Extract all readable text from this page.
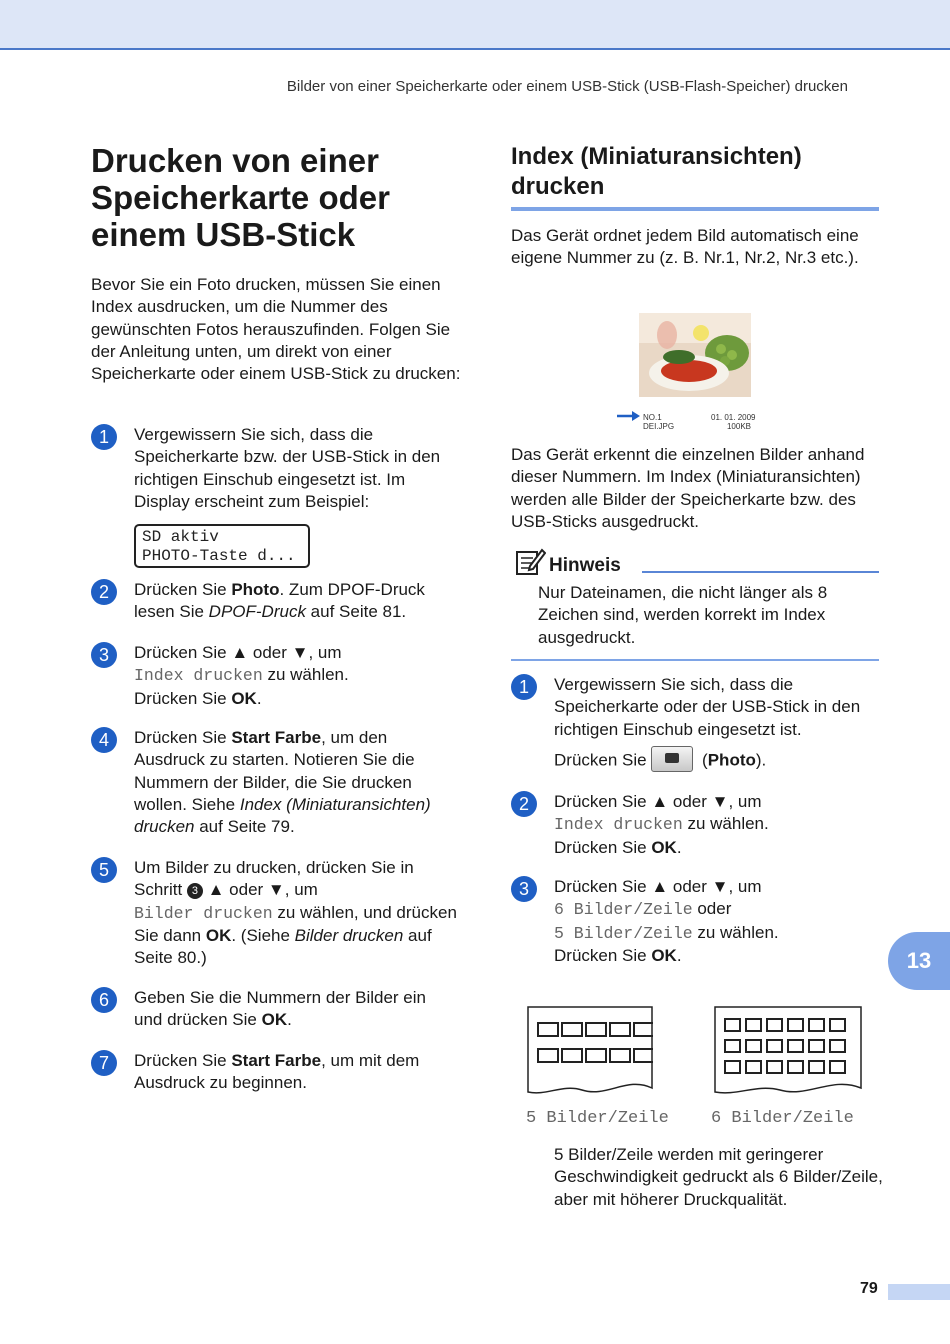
Bilder von einer Speicherkarte oder einem USB-Stick (USB-Flash-Speicher) drucken
Drucken von einer Speicherkarte oder einem USB-Stick
Bevor Sie ein Foto drucken, müssen Sie einen Index ausdrucken, um die Nummer des gewünschten Fotos herauszufinden. Folgen Sie der Anleitung unten, um direkt von einer Speicherkarte oder einem USB-Stick zu drucken:
1	Vergewissern Sie sich, dass die Speicherkarte bzw. der USB-Stick in den richtigen Einschub eingesetzt ist. Im Display erscheint zum Beispiel:
SD aktiv
PHOTO-Taste d...
2	Drücken Sie Photo. Zum DPOF-Druck lesen Sie DPOF-Druck auf Seite 81.
3	Drücken Sie ▲ oder ▼, um
Index drucken zu wählen.
Drücken Sie OK.
4	Drücken Sie Start Farbe, um den Ausdruck zu starten. Notieren Sie die Nummern der Bilder, die Sie drucken wollen. Siehe Index (Miniaturansichten) drucken auf Seite 79.
5	Um Bilder zu drucken, drücken Sie in Schritt 3 ▲ oder ▼, um
Bilder drucken zu wählen, und drücken Sie dann OK. (Siehe Bilder drucken auf Seite 80.)
6	Geben Sie die Nummern der Bilder ein und drücken Sie OK.
7	Drücken Sie Start Farbe, um mit dem Ausdruck zu beginnen.
Index (Miniaturansichten) drucken
Das Gerät ordnet jedem Bild automatisch eine eigene Nummer zu (z. B. Nr.1, Nr.2, Nr.3 etc.).
NO.1
DEI.JPG
01. 01. 2009
100KB
Das Gerät erkennt die einzelnen Bilder anhand dieser Nummern. Im Index (Miniaturansichten) werden alle Bilder der Speicherkarte bzw. des USB-Sticks ausgedruckt.
Hinweis
Nur Dateinamen, die nicht länger als 8 Zeichen sind, werden korrekt im Index ausgedruckt.
1	Vergewissern Sie sich, dass die Speicherkarte oder der USB-Stick in den richtigen Einschub eingesetzt ist.
Drücken Sie	(Photo).
2	Drücken Sie ▲ oder ▼, um
Index drucken zu wählen.
Drücken Sie OK.
3	Drücken Sie ▲ oder ▼, um
6 Bilder/Zeile oder
5 Bilder/Zeile zu wählen.
Drücken Sie OK.
5 Bilder/Zeile 6 Bilder/Zeile
5 Bilder/Zeile werden mit geringerer Geschwindigkeit gedruckt als 6 Bilder/Zeile, aber mit höherer Druckqualität.
13
79
